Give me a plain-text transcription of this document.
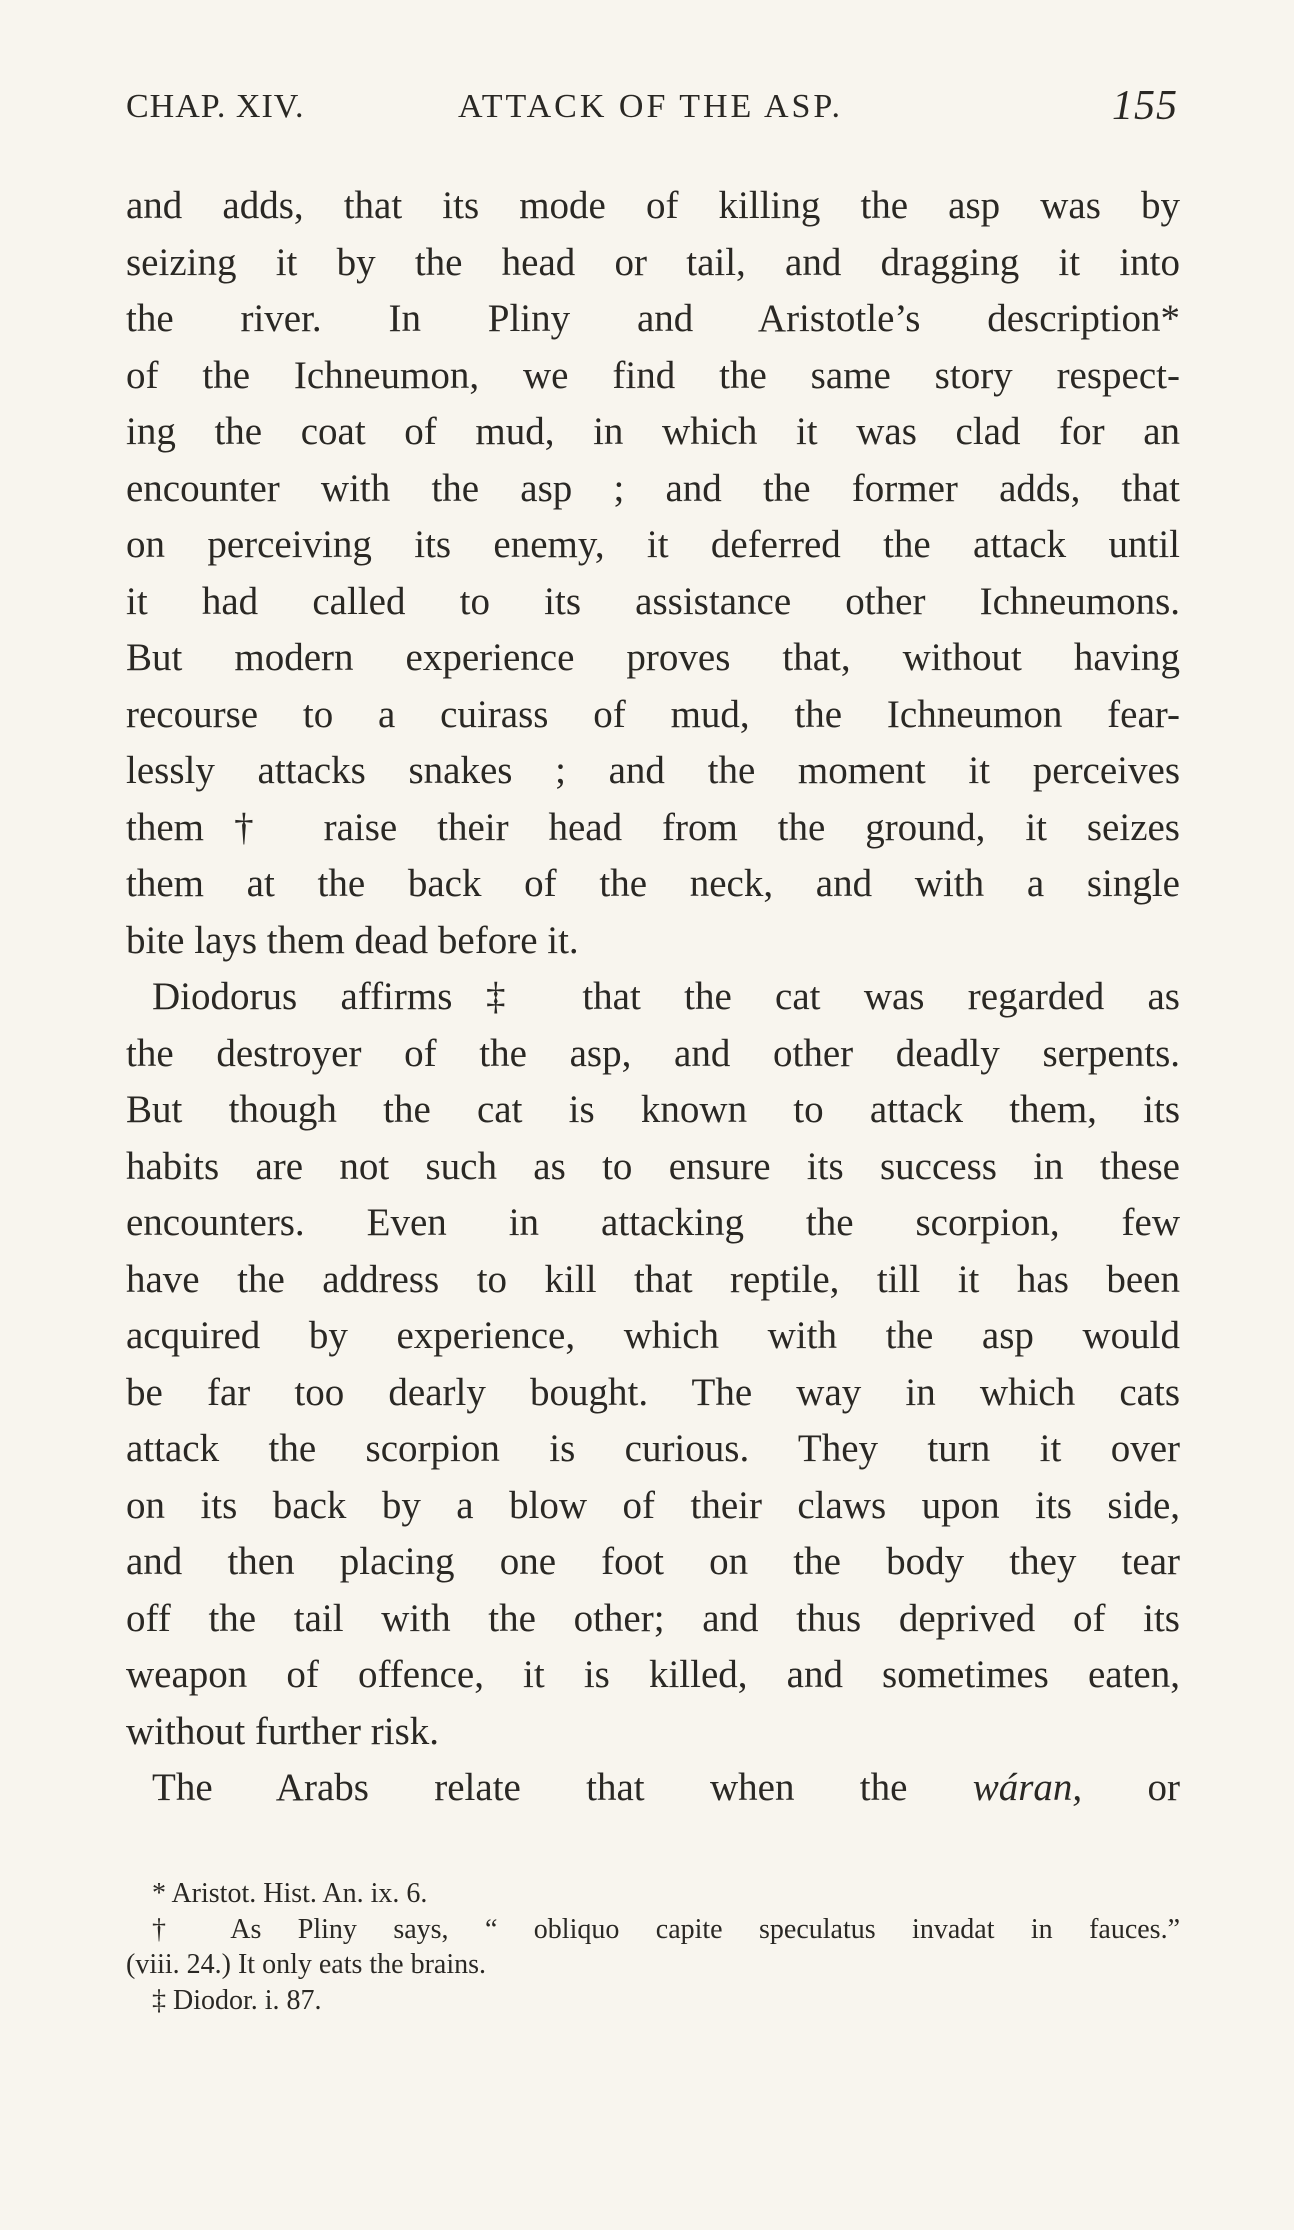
CHAP. XIV.	ATTACK OF THE ASP.	155
and adds, that its mode of killing the asp was by
seizing it by the head or tail, and dragging it into
the river. In Pliny and Aristotle’s description*
of the Ichneumon, we find the same story respect-
ing the coat of mud, in which it was clad for an
encounter with the asp ; and the former adds, that
on perceiving its enemy, it deferred the attack until
it had called to its assistance other Ichneumons.
But modern experience proves that, without having
recourse to a cuirass of mud, the Ichneumon fear-
lessly attacks snakes ; and the moment it perceives
them† raise their head from the ground, it seizes
them at the back of the neck, and with a single
bite lays them dead before it.
Diodorus affirms‡ that the cat was regarded as
the destroyer of the asp, and other deadly serpents.
But though the cat is known to attack them, its
habits are not such as to ensure its success in these
encounters. Even in attacking the scorpion, few
have the address to kill that reptile, till it has been
acquired by experience, which with the asp would
be far too dearly bought. The way in which cats
attack the scorpion is curious. They turn it over
on its back by a blow of their claws upon its side,
and then placing one foot on the body they tear
off the tail with the other; and thus deprived of its
weapon of offence, it is killed, and sometimes eaten,
without further risk.
The Arabs relate that when the wáran, or
* Aristot. Hist. An. ix. 6.
† As Pliny says, “ obliquo capite speculatus invadat in fauces.”
(viii. 24.) It only eats the brains.
‡ Diodor. i. 87.
